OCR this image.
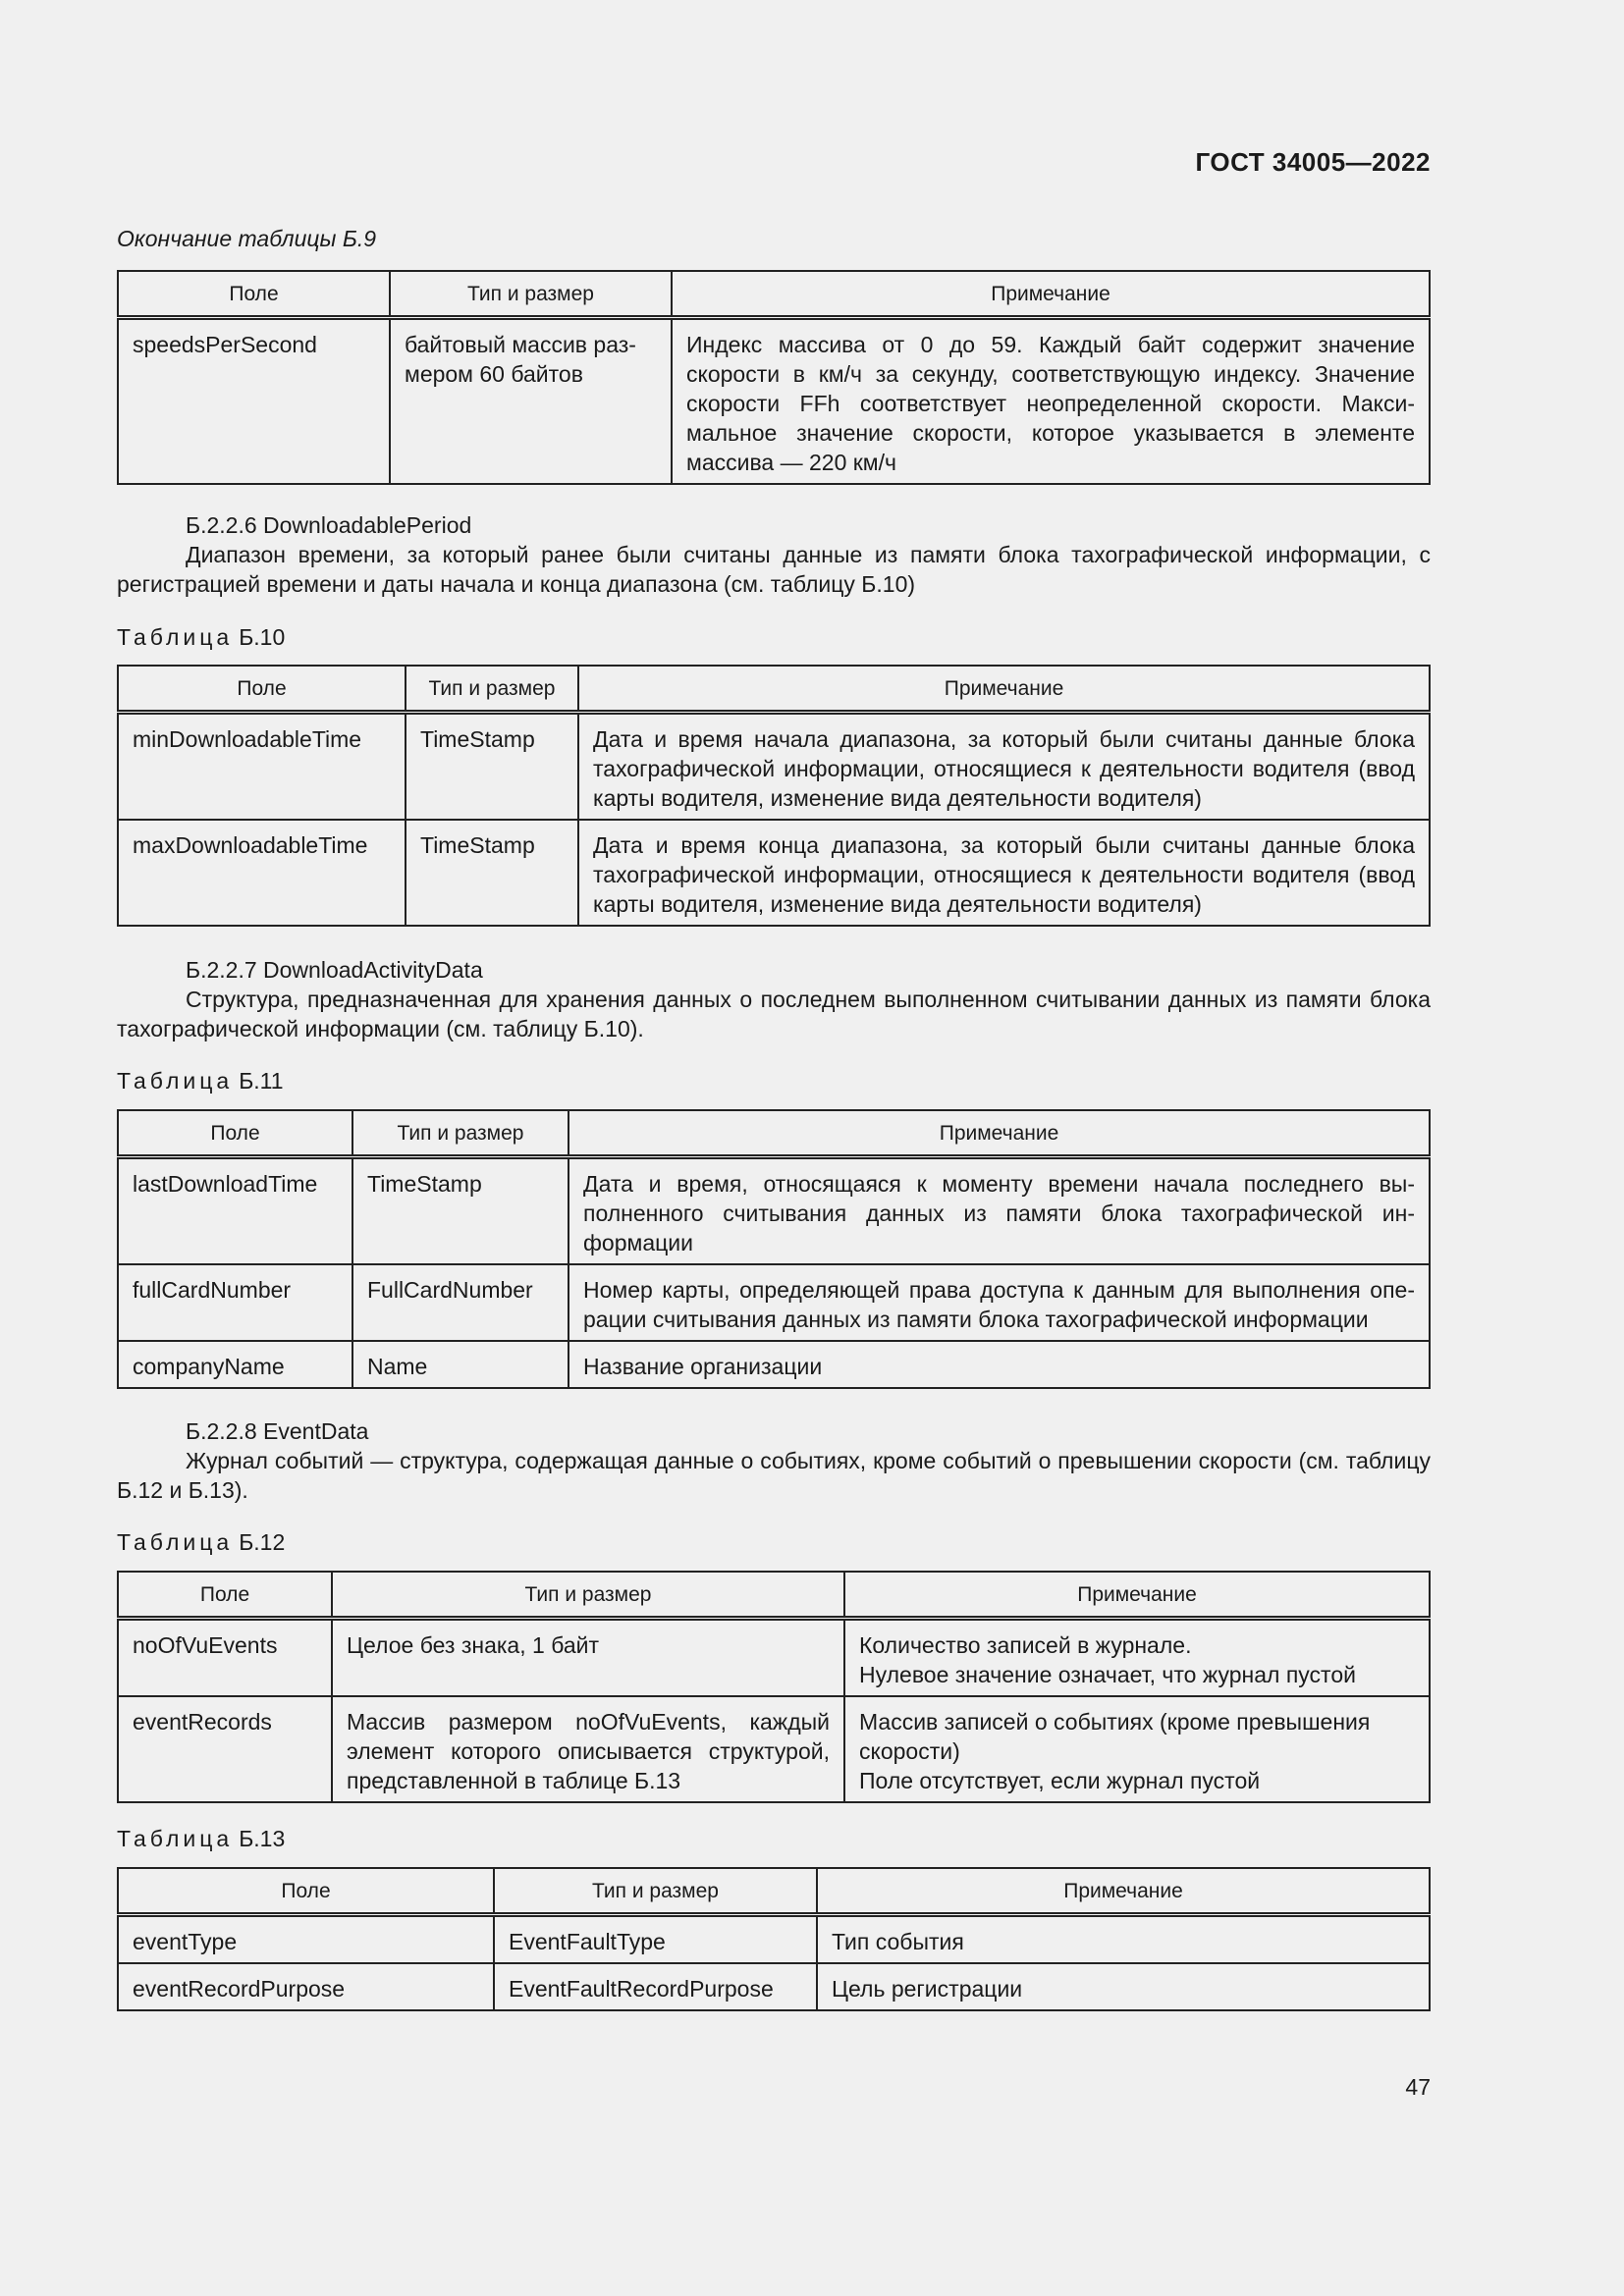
ГОСТ 34005—2022
Окончание таблицы Б.9
Поле	Тип и размер	Примечание
speedsPerSecond	байтовый массив размером 60 байтов	Индекс массива от 0 до 59. Каждый байт содержит значение скорости в км/ч за секунду, соответствующую индексу. Значение скорости FFh соответствует неопределенной скорости. Максимальное значение скорости, которое указывается в элементе массива — 220 км/ч
Б.2.2.6 DownloadablePeriod
Диапазон времени, за который ранее были считаны данные из памяти блока тахографической информации, с регистрацией времени и даты начала и конца диапазона (см. таблицу Б.10)
Таблица Б.10
Поле	Тип и размер	Примечание
minDownloadableTime	TimeStamp	Дата и время начала диапазона, за который были считаны данные блока тахографической информации, относящиеся к деятельности водителя (ввод карты водителя, изменение вида деятельности водителя)
maxDownloadableTime	TimeStamp	Дата и время конца диапазона, за который были считаны данные блока тахографической информации, относящиеся к деятельности водителя (ввод карты водителя, изменение вида деятельности водителя)
Б.2.2.7 DownloadActivityData
Структура, предназначенная для хранения данных о последнем выполненном считывании данных из памяти блока тахографической информации (см. таблицу Б.10).
Таблица Б.11
Поле	Тип и размер	Примечание
lastDownloadTime	TimeStamp	Дата и время, относящаяся к моменту времени начала последнего выполненного считывания данных из памяти блока тахографической информации
fullCardNumber	FullCardNumber	Номер карты, определяющей права доступа к данным для выполнения операции считывания данных из памяти блока тахографической информации
companyName	Name	Название организации
Б.2.2.8 EventData
Журнал событий — структура, содержащая данные о событиях, кроме событий о превышении скорости (см. таблицу Б.12 и Б.13).
Таблица Б.12
Поле	Тип и размер	Примечание
noOfVuEvents	Целое без знака, 1 байт	Количество записей в журнале.
Нулевое значение означает, что журнал пустой

eventRecords	Массив размером noOfVuEvents, каждый элемент которого описывается структурой, представленной в таблице Б.13	Массив записей о событиях (кроме превышения скорости)
Поле отсутствует, если журнал пустой
Таблица Б.13
Поле	Тип и размер	Примечание
eventType	EventFaultType	Тип события
eventRecordPurpose	EventFaultRecordPurpose	Цель регистрации
47
